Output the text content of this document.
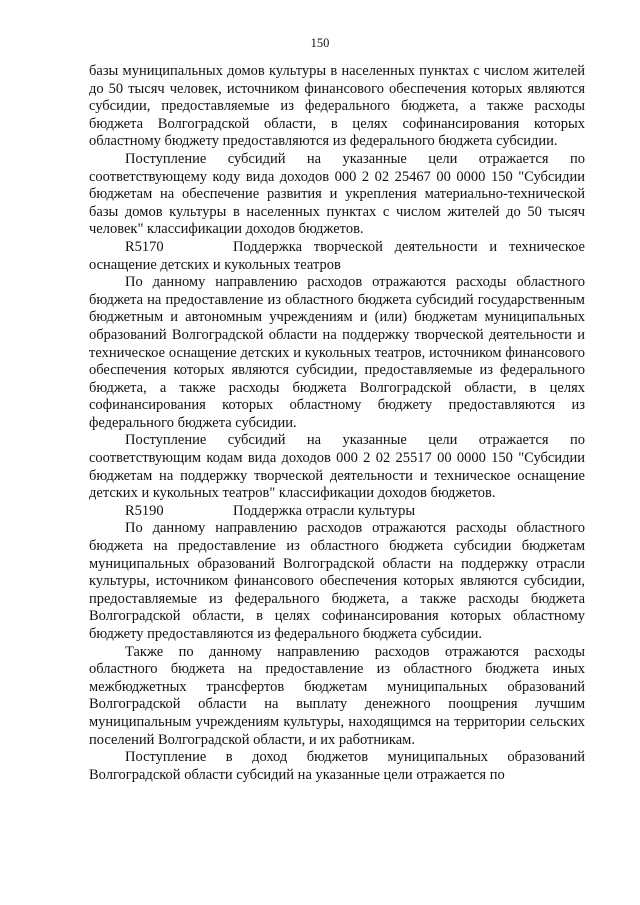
150

базы муниципальных домов культуры в населенных пунктах с числом жителей до 50 тысяч человек, источником финансового обеспечения которых являются субсидии, предоставляемые из федерального бюджета, а также расходы бюджета Волгоградской области, в целях софинансирования которых областному бюджету предоставляются из федерального бюджета субсидии.

Поступление субсидий на указанные цели отражается по соответствующему коду вида доходов 000 2 02 25467 00 0000 150 "Субсидии бюджетам на обеспечение развития и укрепления материально-технической базы домов культуры в населенных пунктах с числом жителей до 50 тысяч человек" классификации доходов бюджетов.

R5170	Поддержка творческой деятельности и техническое
оснащение детских и кукольных театров

По данному направлению расходов отражаются расходы областного бюджета на предоставление из областного бюджета субсидий государственным бюджетным и автономным учреждениям и (или) бюджетам муниципальных образований Волгоградской области на поддержку творческой деятельности и техническое оснащение детских и кукольных театров, источником финансового обеспечения которых являются субсидии, предоставляемые из федерального бюджета, а также расходы бюджета Волгоградской области, в целях софинансирования которых областному бюджету предоставляются из федерального бюджета субсидии.

Поступление субсидий на указанные цели отражается по соответствующим кодам вида доходов 000 2 02 25517 00 0000 150 "Субсидии бюджетам на поддержку творческой деятельности и техническое оснащение детских и кукольных театров" классификации доходов бюджетов.

R5190	Поддержка отрасли культуры

По данному направлению расходов отражаются расходы областного бюджета на предоставление из областного бюджета субсидии бюджетам муниципальных образований Волгоградской области на поддержку отрасли культуры, источником финансового обеспечения которых являются субсидии, предоставляемые из федерального бюджета, а также расходы бюджета Волгоградской области, в целях софинансирования которых областному бюджету предоставляются из федерального бюджета субсидии.

Также по данному направлению расходов отражаются расходы областного бюджета на предоставление из областного бюджета иных межбюджетных трансфертов бюджетам муниципальных образований Волгоградской области на выплату денежного поощрения лучшим муниципальным учреждениям культуры, находящимся на территории сельских поселений Волгоградской области, и их работникам.

Поступление в доход бюджетов муниципальных образований Волгоградской области субсидий на указанные цели отражается по
